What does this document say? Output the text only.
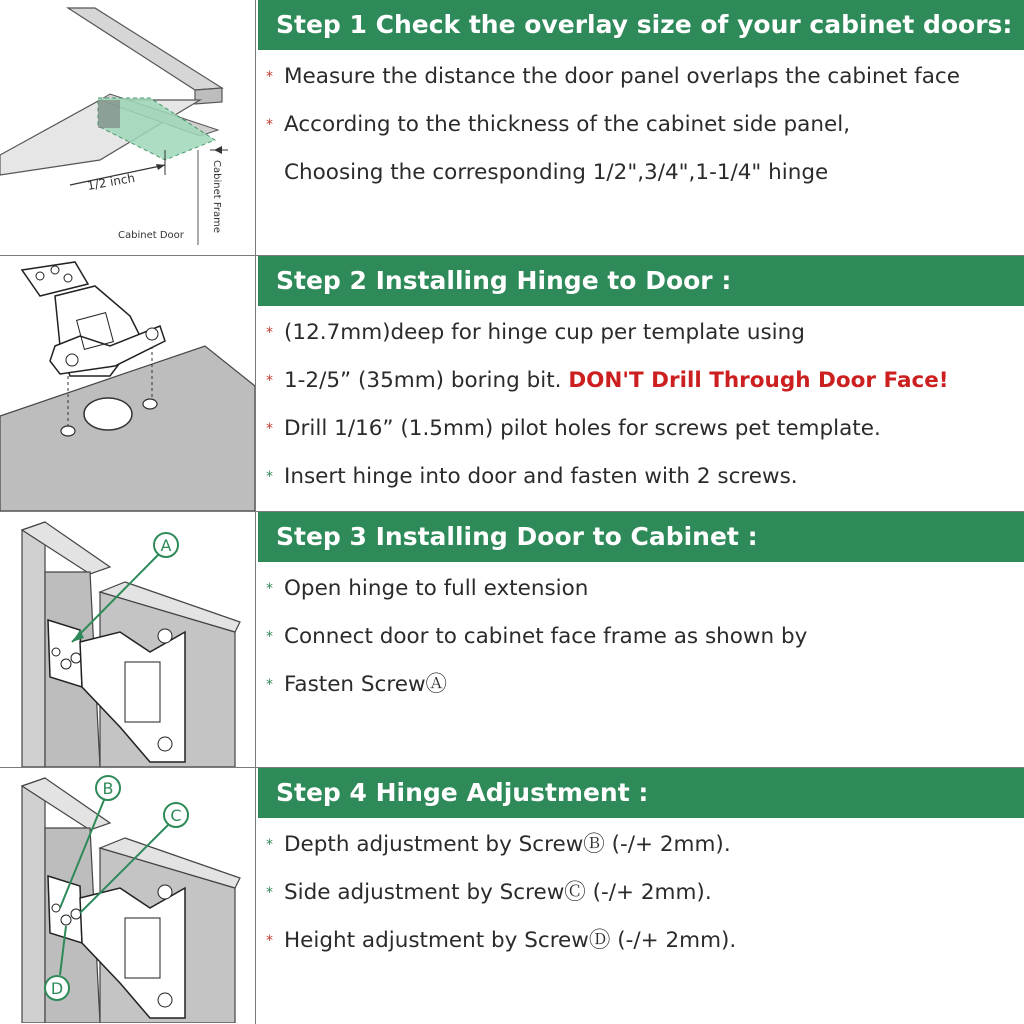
1/2 inch
Cabinet Door
Cabinet Frame
Step 1 Check the overlay size of your cabinet doors:
* Measure the distance the door panel overlaps the cabinet face
* According to the thickness of the cabinet side panel,
Choosing the corresponding 1/2",3/4",1-1/4" hinge
Step 2 Installing Hinge to Door :
* (12.7mm)deep for hinge cup per template using
* 1-2/5” (35mm) boring bit. DON'T Drill Through Door Face!
* Drill 1/16” (1.5mm) pilot holes for screws pet template.
* Insert hinge into door and fasten with 2 screws.
A	Step 3 Installing Door to Cabinet :
* Open hinge to full extension
* Connect door to cabinet face frame as shown by
* Fasten ScrewⒶ
B
C
D
Step 4 Hinge Adjustment :
* Depth adjustment by ScrewⒷ (-/+ 2mm).
* Side adjustment by ScrewⒸ (-/+ 2mm).
* Height adjustment by ScrewⒹ (-/+ 2mm).
